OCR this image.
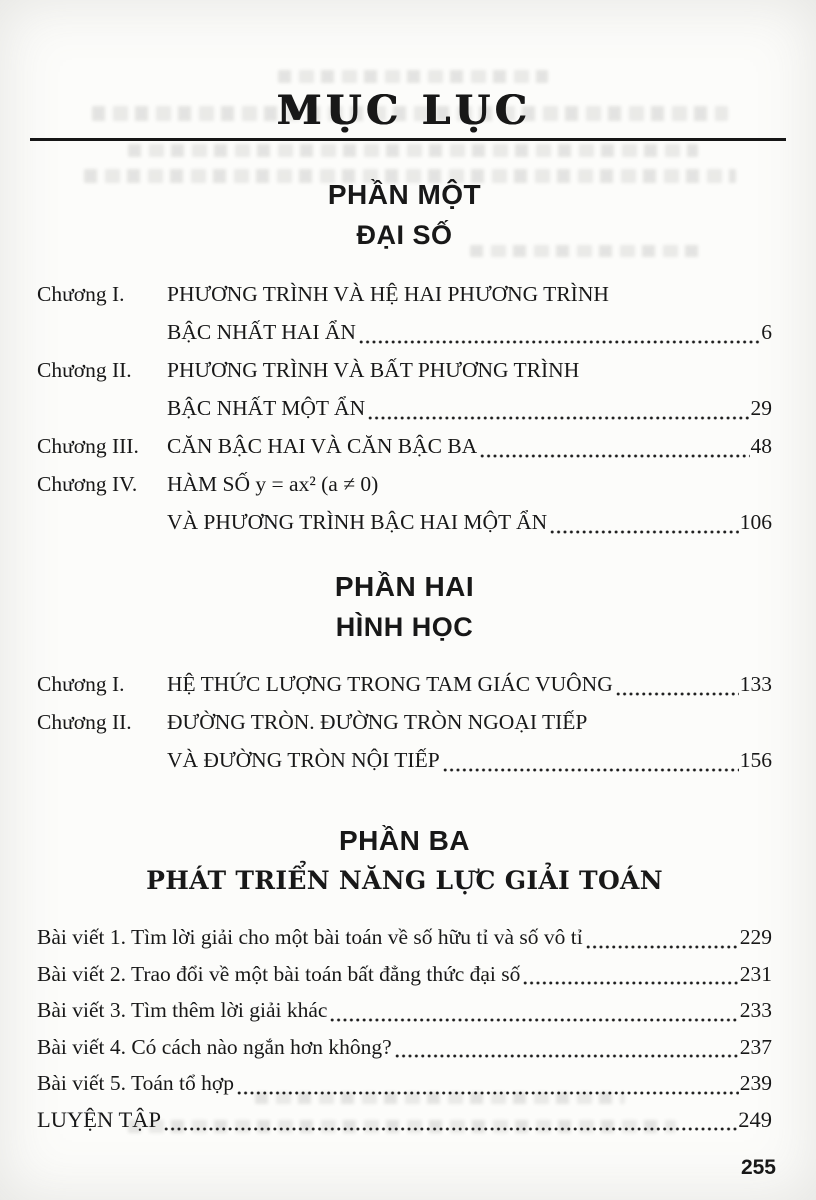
MỤC LỤC
PHẦN MỘT
ĐẠI SỐ
Chương I.	PHƯƠNG TRÌNH VÀ HỆ HAI PHƯƠNG TRÌNH
BẬC NHẤT HAI ẨN	6
Chương II.	PHƯƠNG TRÌNH VÀ BẤT PHƯƠNG TRÌNH
BẬC NHẤT MỘT ẨN	29
Chương III.	CĂN BẬC HAI VÀ CĂN BẬC BA	48
Chương IV.	HÀM SỐ y = ax² (a ≠ 0)
VÀ PHƯƠNG TRÌNH BẬC HAI MỘT ẨN	106
PHẦN HAI
HÌNH HỌC
Chương I.	HỆ THỨC LƯỢNG TRONG TAM GIÁC VUÔNG	133
Chương II.	ĐƯỜNG TRÒN. ĐƯỜNG TRÒN NGOẠI TIẾP
VÀ ĐƯỜNG TRÒN NỘI TIẾP	156
PHẦN BA
PHÁT TRIỂN NĂNG LỰC GIẢI TOÁN
Bài viết 1. Tìm lời giải cho một bài toán về số hữu tỉ và số vô tỉ	229
Bài viết 2. Trao đổi về một bài toán bất đẳng thức đại số	231
Bài viết 3. Tìm thêm lời giải khác	233
Bài viết 4. Có cách nào ngắn hơn không?	237
Bài viết 5. Toán tổ hợp	239
LUYỆN TẬP	249
255
